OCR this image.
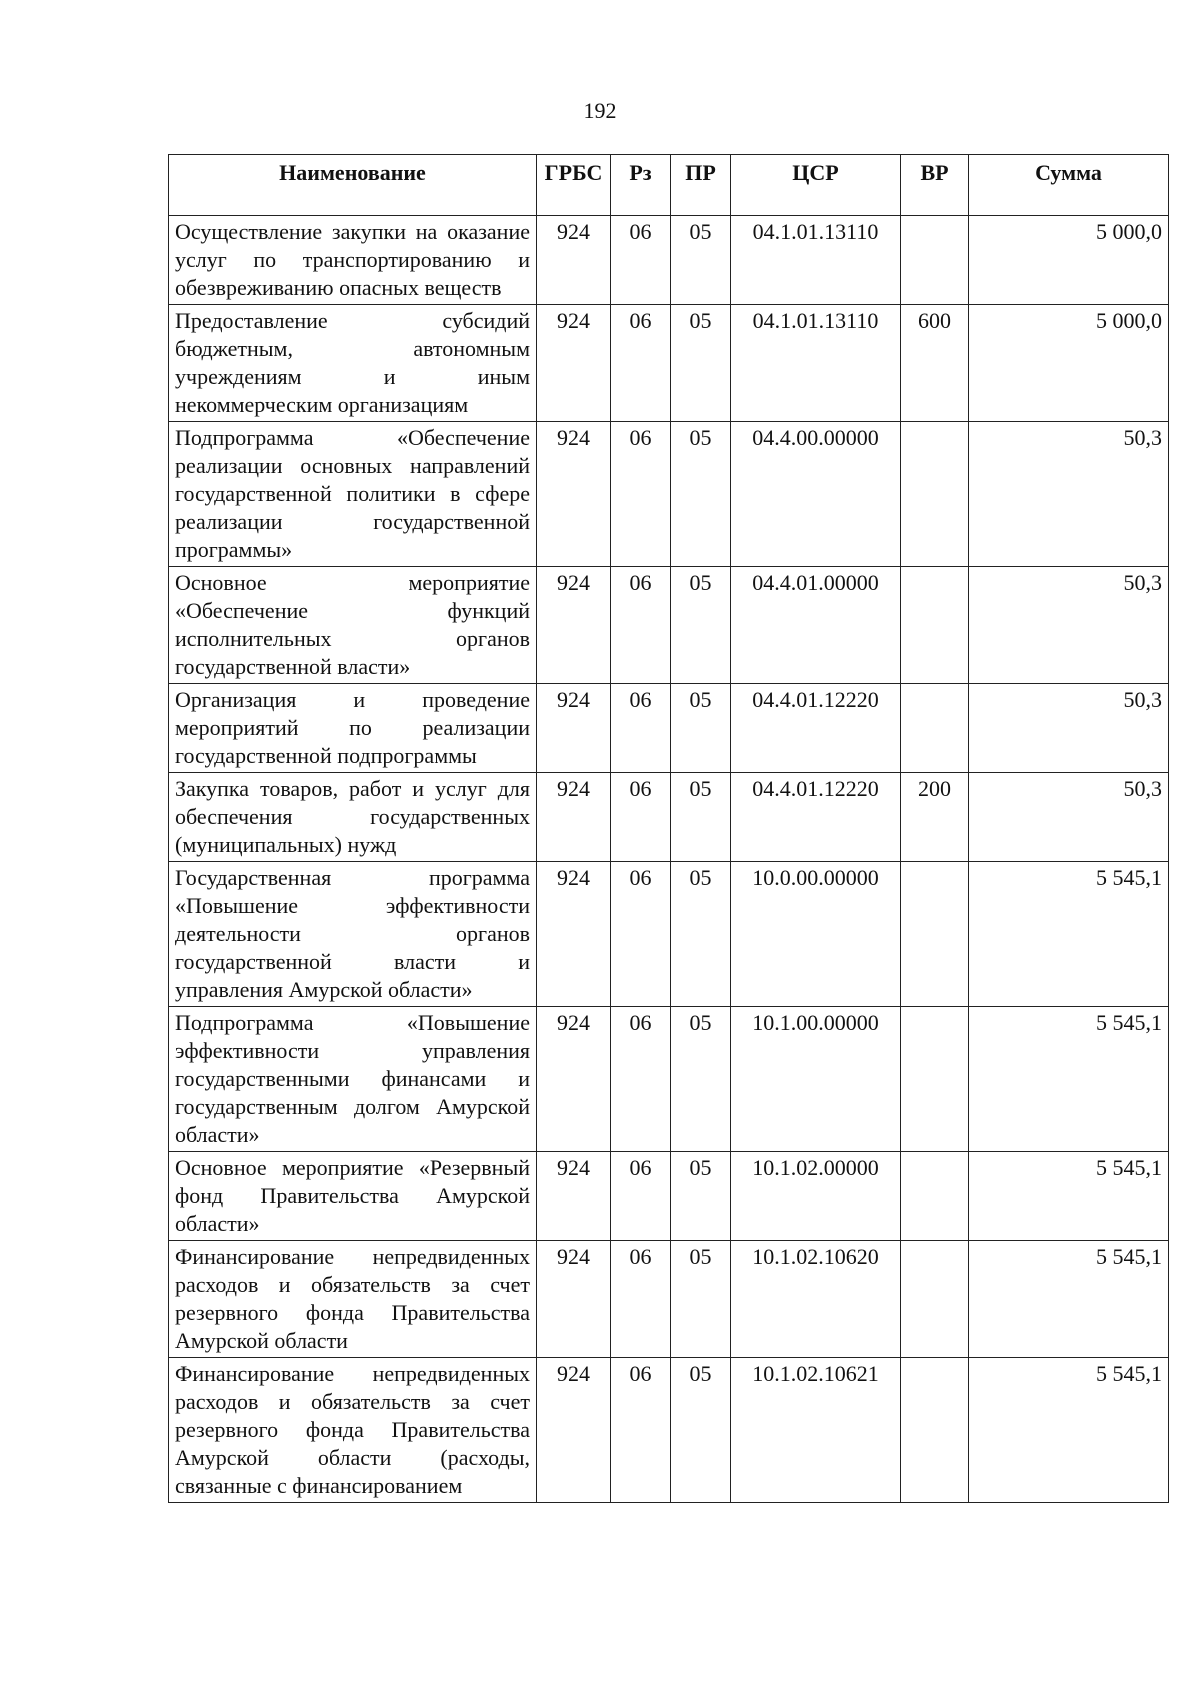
192
Наименование	ГРБС	Рз	ПР	ЦСР	ВР	Сумма
Осуществление закупки на оказание услуг по транспортированию и обезвреживанию опасных веществ	924	06	05	04.1.01.13110		5 000,0
Предоставление субсидий бюджетным, автономным учреждениям и иным некоммерческим организациям	924	06	05	04.1.01.13110	600	5 000,0
Подпрограмма «Обеспечение реализации основных направлений государственной политики в сфере реализации государственной программы»	924	06	05	04.4.00.00000		50,3
Основное мероприятие «Обеспечение функций исполнительных органов государственной власти»	924	06	05	04.4.01.00000		50,3
Организация и проведение мероприятий по реализации государственной подпрограммы	924	06	05	04.4.01.12220		50,3
Закупка товаров, работ и услуг для обеспечения государственных (муниципальных) нужд	924	06	05	04.4.01.12220	200	50,3
Государственная программа «Повышение эффективности деятельности органов государственной власти и управления Амурской области»	924	06	05	10.0.00.00000		5 545,1
Подпрограмма «Повышение эффективности управления государственными финансами и государственным долгом Амурской области»	924	06	05	10.1.00.00000		5 545,1
Основное мероприятие «Резервный фонд Правительства Амурской области»	924	06	05	10.1.02.00000		5 545,1
Финансирование непредвиденных расходов и обязательств за счет резервного фонда Правительства Амурской области	924	06	05	10.1.02.10620		5 545,1
Финансирование непредвиденных расходов и обязательств за счет резервного фонда Правительства Амурской области (расходы, связанные с финансированием	924	06	05	10.1.02.10621		5 545,1
